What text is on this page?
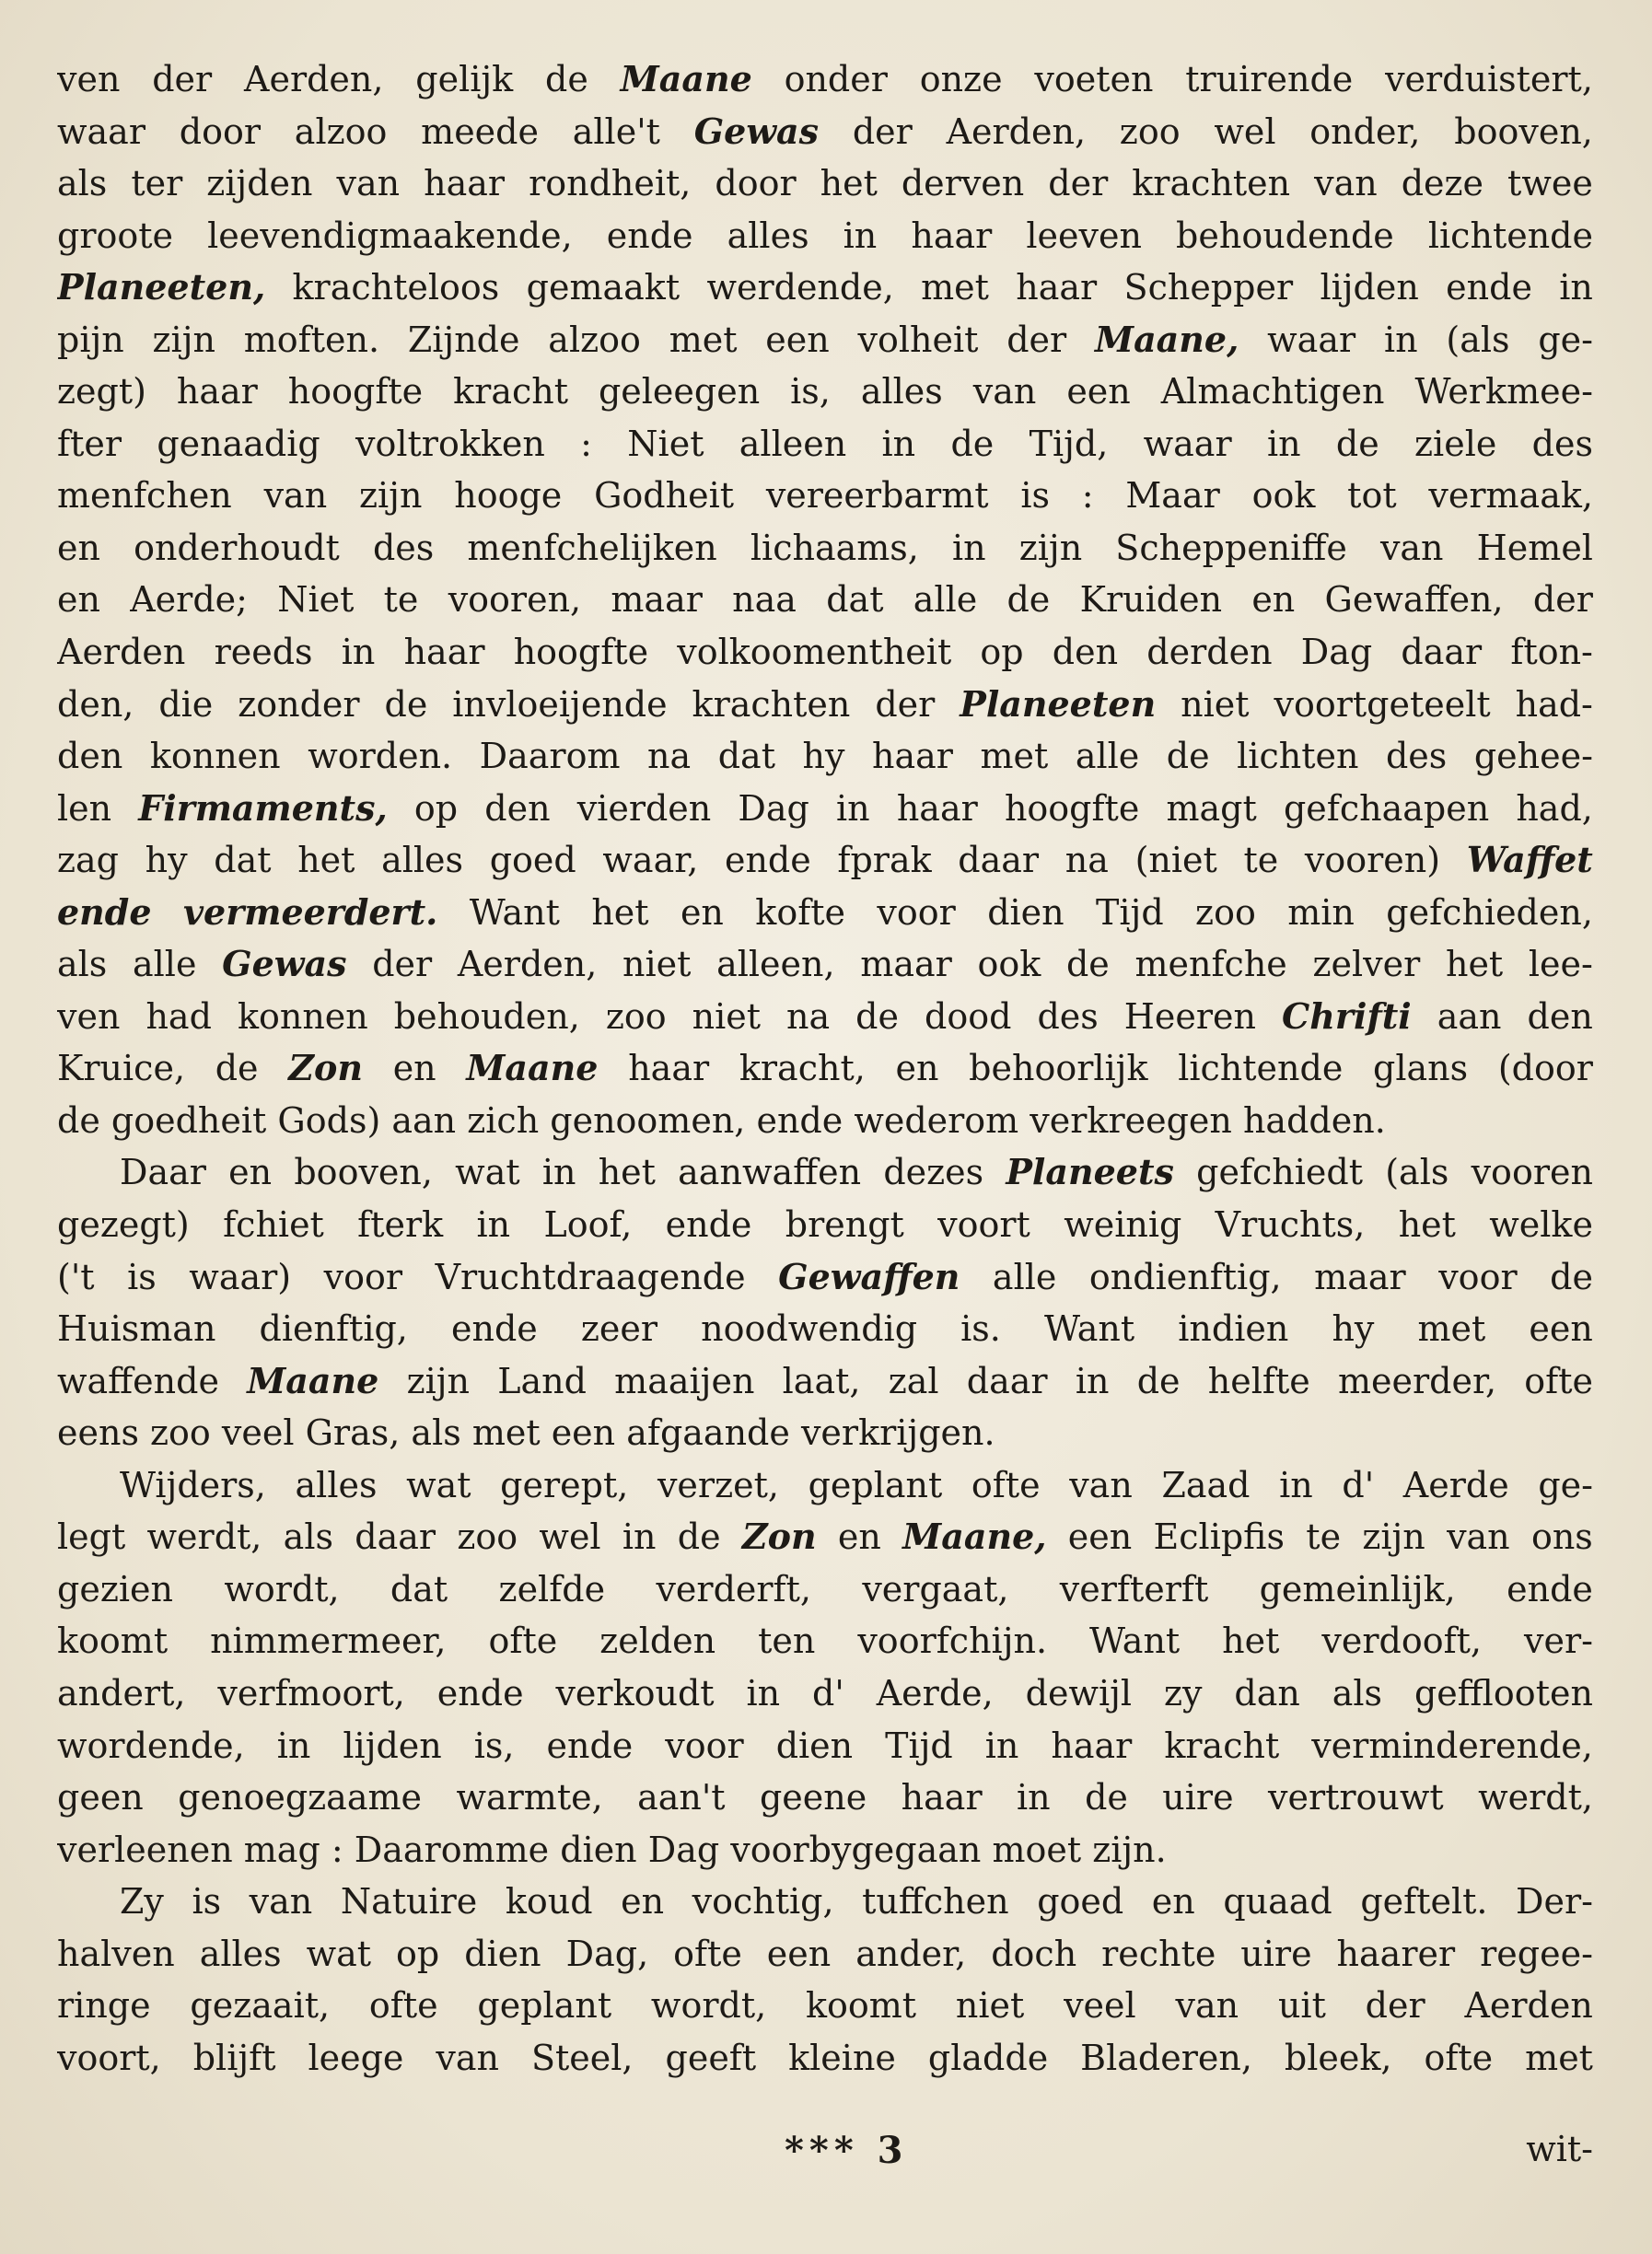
ven der Aerden, gelijk de Maane onder onze voeten truirende verduistert,
waar door alzoo meede alle't Gewas der Aerden, zoo wel onder, booven,
als ter zijden van haar rondheit, door het derven der krachten van deze twee
groote leevendigmaakende, ende alles in haar leeven behoudende lichtende
Planeeten, krachteloos gemaakt werdende, met haar Schepper lijden ende in
pijn zijn moften. Zijnde alzoo met een volheit der Maane, waar in (als ge-
zegt) haar hoogfte kracht geleegen is, alles van een Almachtigen Werkmee-
fter genaadig voltrokken : Niet alleen in de Tijd, waar in de ziele des
menfchen van zijn hooge Godheit vereerbarmt is : Maar ook tot vermaak,
en onderhoudt des menfchelijken lichaams, in zijn Scheppeniffe van Hemel
en Aerde; Niet te vooren, maar naa dat alle de Kruiden en Gewaffen, der
Aerden reeds in haar hoogfte volkoomentheit op den derden Dag daar fton-
den, die zonder de invloeijende krachten der Planeeten niet voortgeteelt had-
den konnen worden. Daarom na dat hy haar met alle de lichten des gehee-
len Firmaments, op den vierden Dag in haar hoogfte magt gefchaapen had,
zag hy dat het alles goed waar, ende fprak daar na (niet te vooren) Waffet
ende vermeerdert. Want het en kofte voor dien Tijd zoo min gefchieden,
als alle Gewas der Aerden, niet alleen, maar ook de menfche zelver het lee-
ven had konnen behouden, zoo niet na de dood des Heeren Chrifti aan den
Kruice, de Zon en Maane haar kracht, en behoorlijk lichtende glans (door
de goedheit Gods) aan zich genoomen, ende wederom verkreegen hadden.
Daar en booven, wat in het aanwaffen dezes Planeets gefchiedt (als vooren
gezegt) fchiet fterk in Loof, ende brengt voort weinig Vruchts, het welke
('t is waar) voor Vruchtdraagende Gewaffen alle ondienftig, maar voor de
Huisman dienftig, ende zeer noodwendig is. Want indien hy met een
waffende Maane zijn Land maaijen laat, zal daar in de helfte meerder, ofte
eens zoo veel Gras, als met een afgaande verkrijgen.
Wijders, alles wat gerept, verzet, geplant ofte van Zaad in d' Aerde ge-
legt werdt, als daar zoo wel in de Zon en Maane, een Eclipfis te zijn van ons
gezien wordt, dat zelfde verderft, vergaat, verfterft gemeinlijk, ende
koomt nimmermeer, ofte zelden ten voorfchijn. Want het verdooft, ver-
andert, verfmoort, ende verkoudt in d' Aerde, dewijl zy dan als gefflooten
wordende, in lijden is, ende voor dien Tijd in haar kracht verminderende,
geen genoegzaame warmte, aan't geene haar in de uire vertrouwt werdt,
verleenen mag : Daaromme dien Dag voorbygegaan moet zijn.
Zy is van Natuire koud en vochtig, tuffchen goed en quaad geftelt. Der-
halven alles wat op dien Dag, ofte een ander, doch rechte uire haarer regee-
ringe gezaait, ofte geplant wordt, koomt niet veel van uit der Aerden
voort, blijft leege van Steel, geeft kleine gladde Bladeren, bleek, ofte met
*** 3	wit-
